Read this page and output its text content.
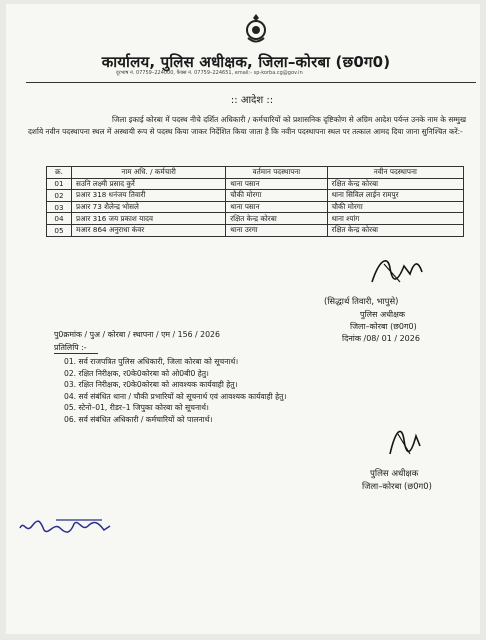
कार्यालय, पुलिस अधीक्षक, जिला–कोरबा (छ0ग0)
दूरभाष नं. 07759–224000, फैक्स नं. 07759–224651, email:- sp-korba.cg@gov.in
:: आदेश ::
जिला इकाई कोरबा में पदस्थ नीचे दर्शित अधिकारी / कर्मचारियों को प्रशासनिक दृष्टिकोण से अग्रिम आदेश पर्यन्त उनके नाम के सम्मुख दर्शाये नवीन पदस्थापना स्थल में अस्थायी रूप से पदस्थ किया जाकर निर्देशित किया जाता है कि नवीन पदस्थापना स्थल पर तत्काल आमद दिया जाना सुनिश्चित करें:-
क्र.	नाम अधि. / कर्मचारी	वर्तमान पदस्थापना	नवीन पदस्थापना
01	सउनि लक्ष्मी प्रसाद कुर्रे	थाना पसान	रक्षित केन्द्र कोरबा
02	प्रआर 318 धनंजय तिवारी	चौकी मोरगा	थाना सिविल लाईन रामपुर
03	प्रआर 73 शैलेन्द्र भोसले	थाना पसान	चौकी मोरगा
04	प्रआर 316 जय प्रकाश यादव	रक्षित केन्द्र कोरबा	थाना श्यांग
05	मआर 864 अनुराधा कंवर	थाना उरगा	रक्षित केन्द्र कोरबा
(सिद्धार्थ तिवारी, भापुसे)
पुलिस अधीक्षक
जिला–कोरबा (छ0ग0)
दिनांक /08/ 01 / 2026
पु0क्रमांक / पुअ / कोरबा / स्थापना / एम / 156 / 2026
प्रतिलिपि :-
01. सर्व राजपत्रित पुलिस अधिकारी, जिला कोरबा को सूचनार्थ।
02. रक्षित निरीक्षक, र0के0कोरबा को ओ0बी0 हेतु।
03. रक्षित निरीक्षक, र0के0कोरबा को आवश्यक कार्यवाही हेतु।
04. सर्व संबंधित थाना / चौकी प्रभारियों को सूचनार्थ एवं आवश्यक कार्यवाही हेतु।
05. स्टेनो–01, रीडर–1 जिपुका कोरबा को सूचनार्थ।
06. सर्व संबंधित अधिकारी / कर्मचारियों को पालनार्थ।
पुलिस अधीक्षक
जिला–कोरबा (छ0ग0)
